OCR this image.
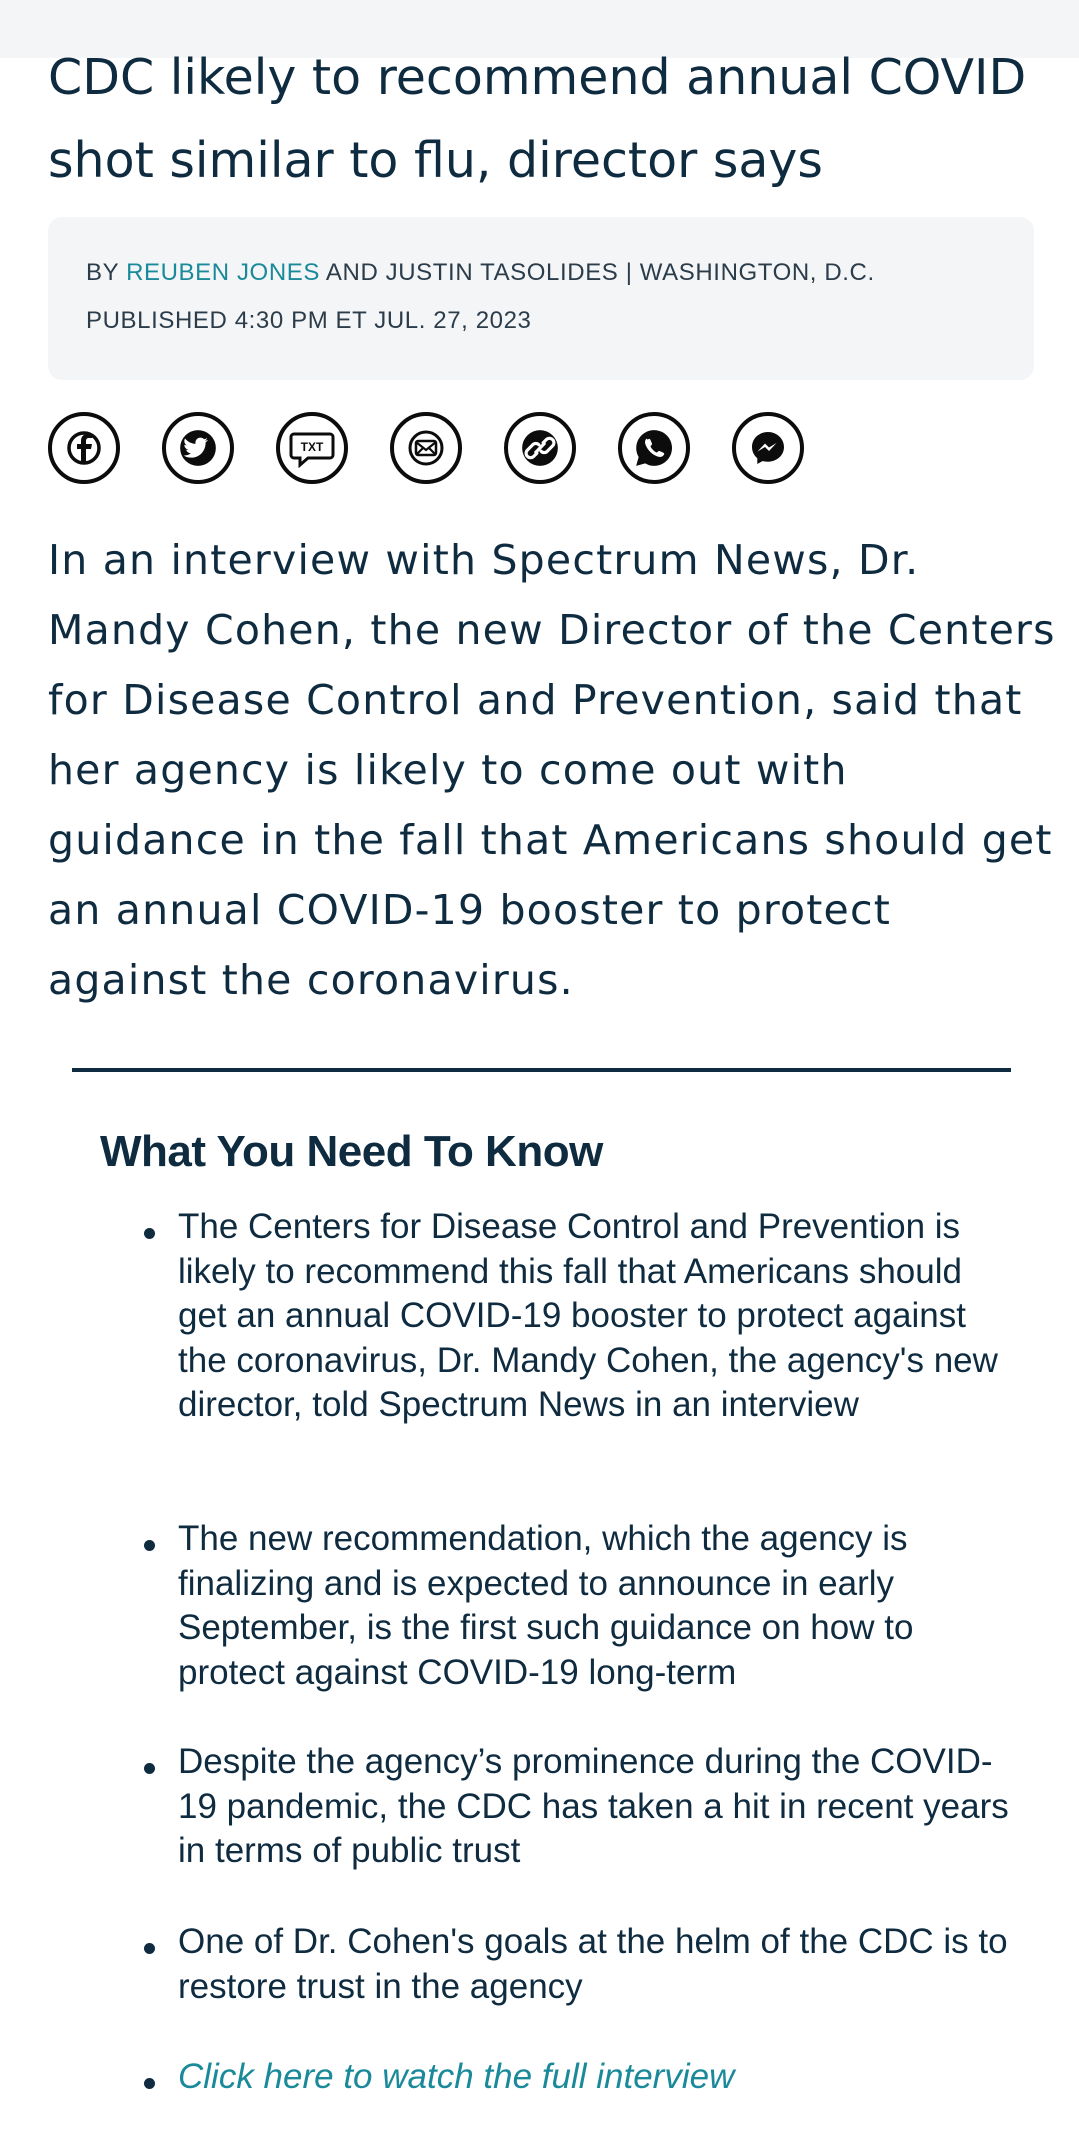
CDC likely to recommend annual COVID shot similar to flu, director says
BY REUBEN JONES AND JUSTIN TASOLIDES | WASHINGTON, D.C.
PUBLISHED 4:30 PM ET JUL. 27, 2023
TXT

In an interview with Spectrum News, Dr. Mandy Cohen, the new Director of the Centers for Disease Control and Prevention, said that her agency is likely to come out with guidance in the fall that Americans should get an annual COVID-19 booster to protect against the coronavirus.

What You Need To Know
The Centers for Disease Control and Prevention is likely to recommend this fall that Americans should get an annual COVID-19 booster to protect against the coronavirus, Dr. Mandy Cohen, the agency's new director, told Spectrum News in an interview
The new recommendation, which the agency is finalizing and is expected to announce in early September, is the first such guidance on how to protect against COVID-19 long-term
Despite the agency’s prominence during the COVID-19 pandemic, the CDC has taken a hit in recent years in terms of public trust
One of Dr. Cohen's goals at the helm of the CDC is to restore trust in the agency
Click here to watch the full interview
